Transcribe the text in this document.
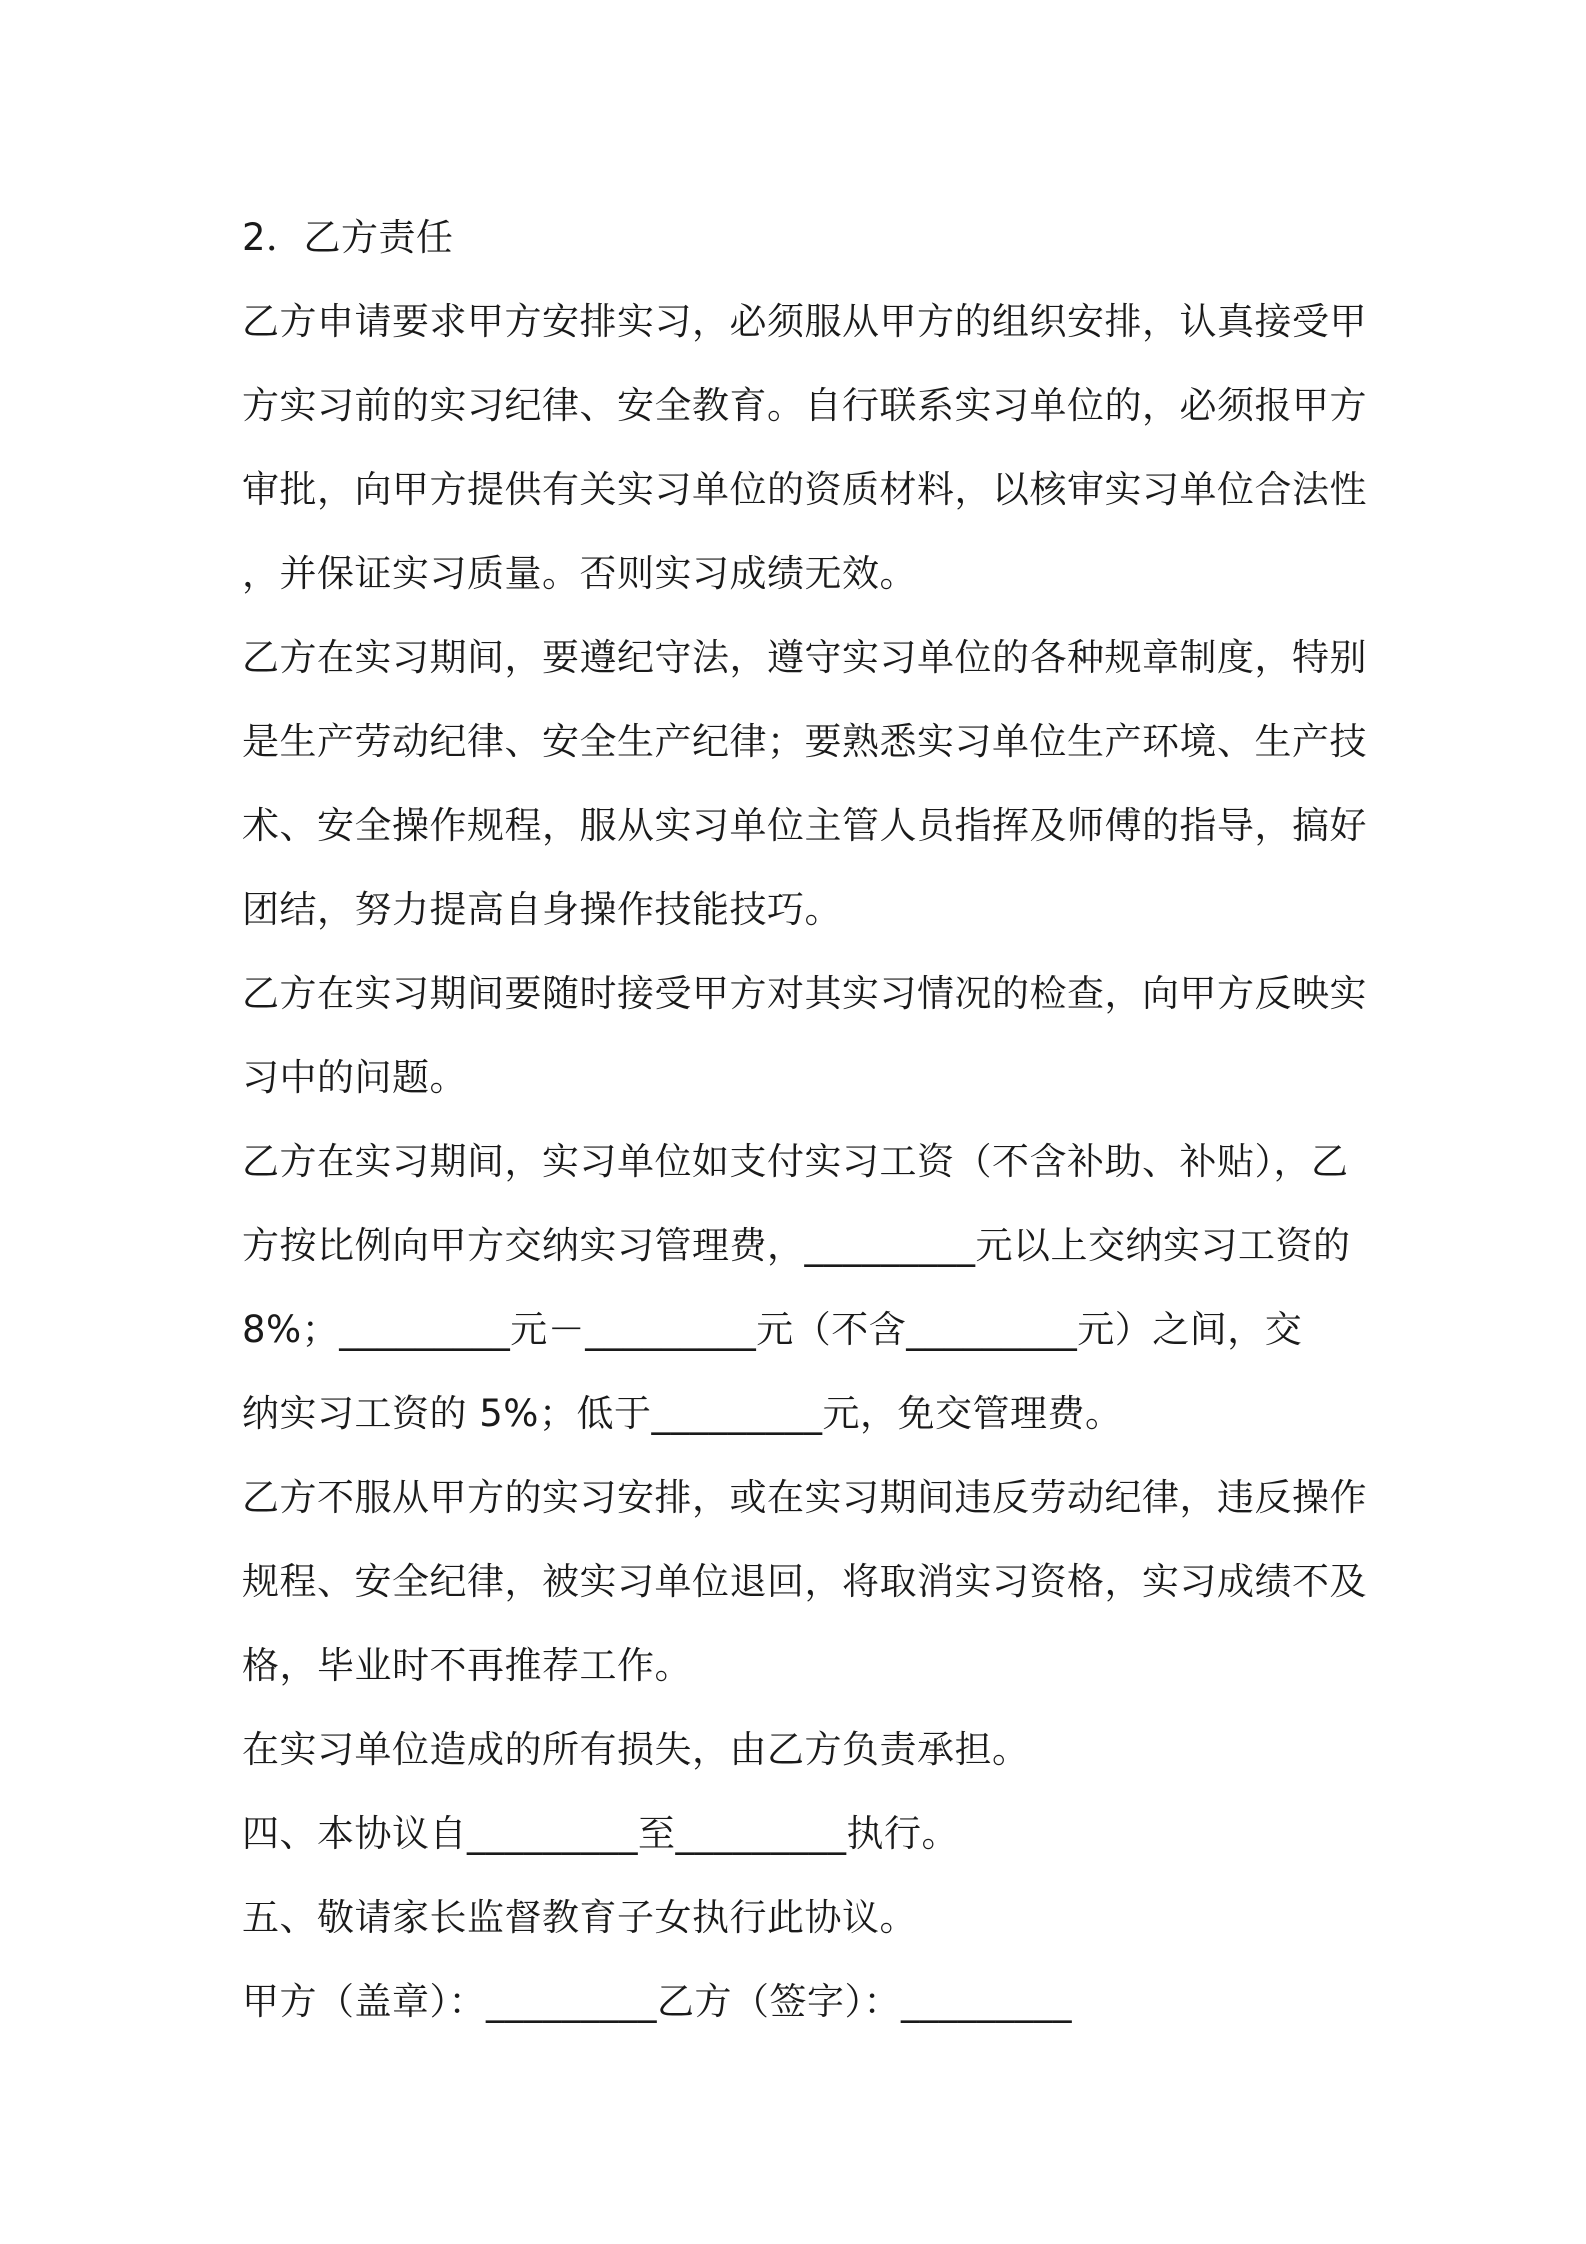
2．乙方责任
乙方申请要求甲方安排实习，必须服从甲方的组织安排，认真接受甲
方实习前的实习纪律、安全教育。自行联系实习单位的，必须报甲方
审批，向甲方提供有关实习单位的资质材料，以核审实习单位合法性
，并保证实习质量。否则实习成绩无效。
乙方在实习期间，要遵纪守法，遵守实习单位的各种规章制度，特别
是生产劳动纪律、安全生产纪律；要熟悉实习单位生产环境、生产技
术、安全操作规程，服从实习单位主管人员指挥及师傅的指导，搞好
团结，努力提高自身操作技能技巧。
乙方在实习期间要随时接受甲方对其实习情况的检查，向甲方反映实
习中的问题。
乙方在实习期间，实习单位如支付实习工资（不含补助、补贴），乙
方按比例向甲方交纳实习管理费，_________元以上交纳实习工资的
8%；_________元－_________元（不含_________元）之间，交
纳实习工资的 5%；低于_________元，免交管理费。
乙方不服从甲方的实习安排，或在实习期间违反劳动纪律，违反操作
规程、安全纪律，被实习单位退回，将取消实习资格，实习成绩不及
格，毕业时不再推荐工作。
在实习单位造成的所有损失，由乙方负责承担。
四、本协议自_________至_________执行。
五、敬请家长监督教育子女执行此协议。
甲方（盖章）：_________乙方（签字）：_________
